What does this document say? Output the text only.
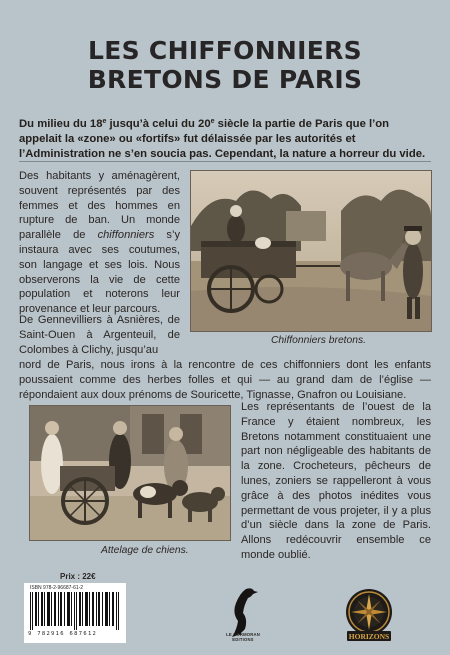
LES CHIFFONNIERS
BRETONS DE PARIS
Du milieu du 18e jusqu’à celui du 20e siècle la partie de Paris que l’on appelait la «zone» ou «fortifs» fut délaissée par les autorités et l’Administration ne s’en soucia pas. Cependant, la nature a horreur du vide.
Des habitants y aménagèrent, souvent représentés par des femmes et des hommes en rupture de ban. Un monde parallèle de chiffonniers s’y instaura avec ses coutumes, son langage et ses lois. Nous observerons la vie de cette population et noterons leur provenance et leur parcours.
De Gennevilliers à Asnières, de Saint-Ouen à Argenteuil, de Colombes à Clichy, jusqu’au
nord de Paris, nous irons à la rencontre de ces chiffonniers dont les enfants poussaient comme des herbes folles et qui — au grand dam de l’église — répondaient aux doux prénoms de Souricette, Tignasse, Gnafron ou Louisiane.
Les représentants de l’ouest de la France y étaient nombreux, les Bretons notamment constituaient une part non négligeable des habitants de la zone. Crocheteurs, pêcheurs de lunes, zoniers se rappelleront à vous grâce à des photos inédites vous permettant de vous projeter, il y a plus d’un siècle dans la zone de Paris. Allons redécouvrir ensemble ce monde oublié.
Chiffonniers bretons.
Attelage de chiens.
Prix : 22€
ISBN 978-2-96687-61-2
9 782916 687612	LE CORMORAN
EDITIONS	HORIZONS
